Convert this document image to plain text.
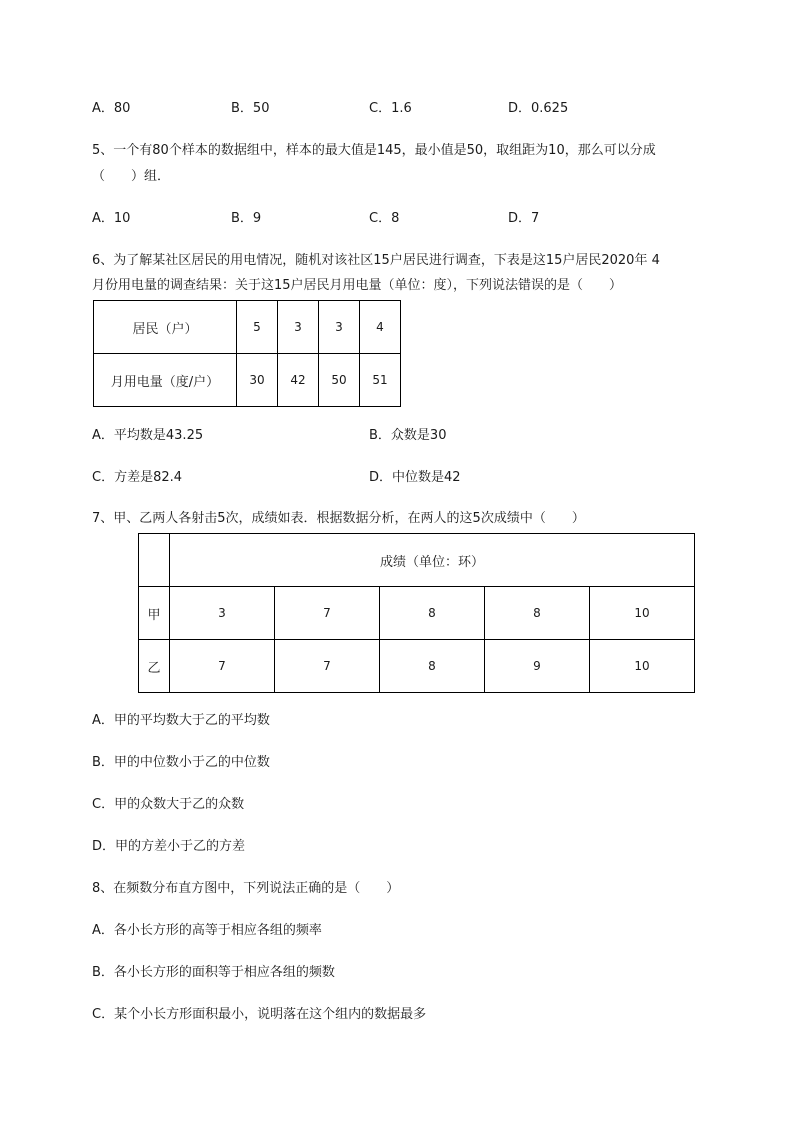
A．80	B．50	C．1.6	D．0.625
5、一个有80个样本的数据组中，样本的最大值是145，最小值是50，取组距为10，那么可以分成
（　　）组．
A．10	B．9	C．8	D．7
6、为了解某社区居民的用电情况，随机对该社区15户居民进行调查，下表是这15户居民2020年 4
月份用电量的调查结果：关于这15户居民月用电量（单位：度），下列说法错误的是（　　）
居民（户）	5	3	3	4
月用电量（度/户）	30	42	50	51
A．平均数是43.25	B．众数是30
C．方差是82.4	D．中位数是42
7、甲、乙两人各射击5次，成绩如表．根据数据分析，在两人的这5次成绩中（　　）
	成绩（单位：环）				
甲	3	7	8	8	10
乙	7	7	8	9	10
A．甲的平均数大于乙的平均数
B．甲的中位数小于乙的中位数
C．甲的众数大于乙的众数
D．甲的方差小于乙的方差
8、在频数分布直方图中，下列说法正确的是（　　）
A．各小长方形的高等于相应各组的频率
B．各小长方形的面积等于相应各组的频数
C．某个小长方形面积最小，说明落在这个组内的数据最多
